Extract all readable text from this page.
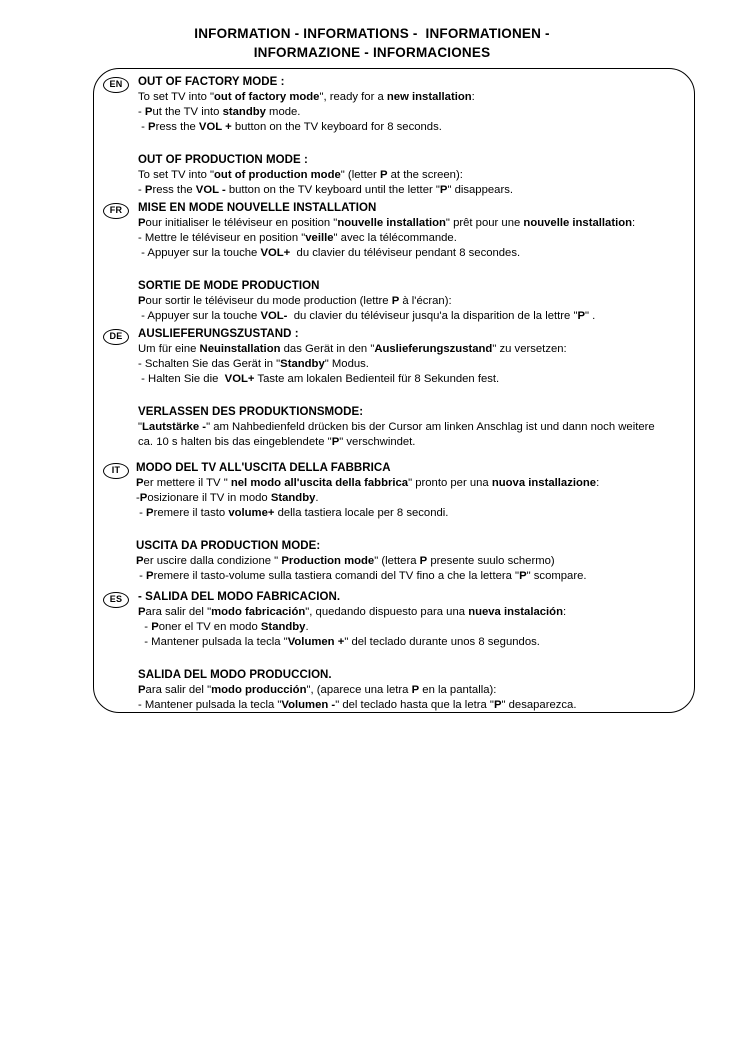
INFORMATION - INFORMATIONS -  INFORMATIONEN -
INFORMAZIONE - INFORMACIONES
EN	OUT OF FACTORY MODE :
To set TV into "out of factory mode", ready for a new installation:
- Put the TV into standby mode.
- Press the VOL + button on the TV keyboard for 8 seconds.
OUT OF PRODUCTION MODE :
To set TV into "out of production mode" (letter P at the screen):
- Press the VOL - button on the TV keyboard until the letter "P" disappears.
FR	MISE EN MODE NOUVELLE INSTALLATION
Pour initialiser le téléviseur en position "nouvelle installation" prêt pour une nouvelle installation:
- Mettre le téléviseur en position "veille" avec la télécommande.
- Appuyer sur la touche VOL+  du clavier du téléviseur pendant 8 secondes.
SORTIE DE MODE PRODUCTION
Pour sortir le téléviseur du mode production (lettre P à l'écran):
- Appuyer sur la touche VOL-  du clavier du téléviseur jusqu'a la disparition de la lettre "P" .
DE	AUSLIEFERUNGSZUSTAND :
Um für eine Neuinstallation das Gerät in den "Auslieferungszustand" zu versetzen:
- Schalten Sie das Gerät in "Standby" Modus.
- Halten Sie die  VOL+ Taste am lokalen Bedienteil für 8 Sekunden fest.
VERLASSEN DES PRODUKTIONSMODE:
"Lautstärke -" am Nahbedienfeld drücken bis der Cursor am linken Anschlag ist und dann noch weitere
ca. 10 s halten bis das eingeblendete "P" verschwindet.
IT	MODO DEL TV ALL'USCITA DELLA FABBRICA
Per mettere il TV " nel modo all'uscita della fabbrica" pronto per una nuova installazione:
-Posizionare il TV in modo Standby.
- Premere il tasto volume+ della tastiera locale per 8 secondi.
USCITA DA PRODUCTION MODE:
Per uscire dalla condizione " Production mode" (lettera P presente suulo schermo)
- Premere il tasto-volume sulla tastiera comandi del TV fino a che la lettera "P" scompare.
ES	- SALIDA DEL MODO FABRICACION.
Para salir del "modo fabricación", quedando dispuesto para una nueva instalación:
- Poner el TV en modo Standby.
- Mantener pulsada la tecla "Volumen +" del teclado durante unos 8 segundos.
SALIDA DEL MODO PRODUCCION.
Para salir del "modo producción", (aparece una letra P en la pantalla):
- Mantener pulsada la tecla "Volumen -" del teclado hasta que la letra "P" desaparezca.
